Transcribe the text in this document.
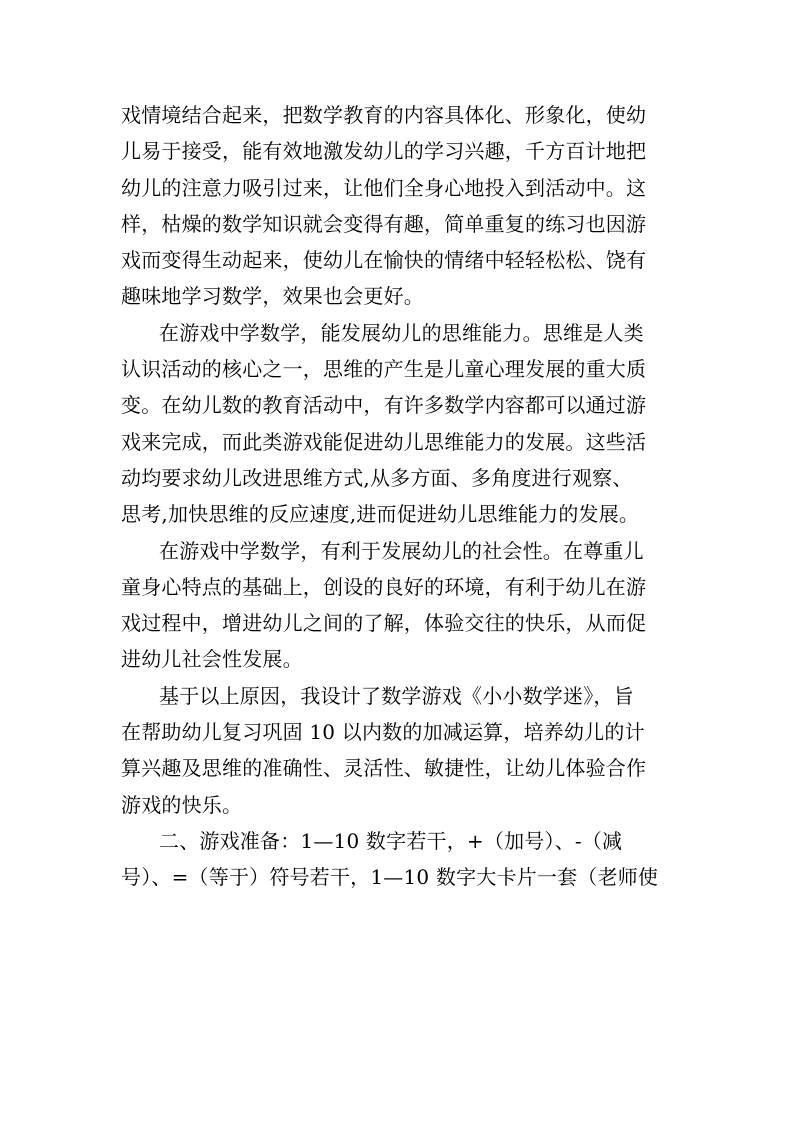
戏情境结合起来，把数学教育的内容具体化、形象化，使幼
儿易于接受，能有效地激发幼儿的学习兴趣，千方百计地把
幼儿的注意力吸引过来，让他们全身心地投入到活动中。这
样，枯燥的数学知识就会变得有趣，简单重复的练习也因游
戏而变得生动起来，使幼儿在愉快的情绪中轻轻松松、饶有
趣味地学习数学，效果也会更好。
在游戏中学数学，能发展幼儿的思维能力。思维是人类
认识活动的核心之一，思维的产生是儿童心理发展的重大质
变。在幼儿数的教育活动中，有许多数学内容都可以通过游
戏来完成，而此类游戏能促进幼儿思维能力的发展。这些活
动均要求幼儿改进思维方式,从多方面、多角度进行观察、
思考,加快思维的反应速度,进而促进幼儿思维能力的发展。
在游戏中学数学，有利于发展幼儿的社会性。在尊重儿
童身心特点的基础上，创设的良好的环境，有利于幼儿在游
戏过程中，增进幼儿之间的了解，体验交往的快乐，从而促
进幼儿社会性发展。
基于以上原因，我设计了数学游戏《小小数学迷》，旨
在帮助幼儿复习巩固 10 以内数的加减运算，培养幼儿的计
算兴趣及思维的准确性、灵活性、敏捷性，让幼儿体验合作
游戏的快乐。
二、游戏准备：1—10 数字若干，+（加号）、-（减
号）、=（等于）符号若干，1—10 数字大卡片一套（老师使
